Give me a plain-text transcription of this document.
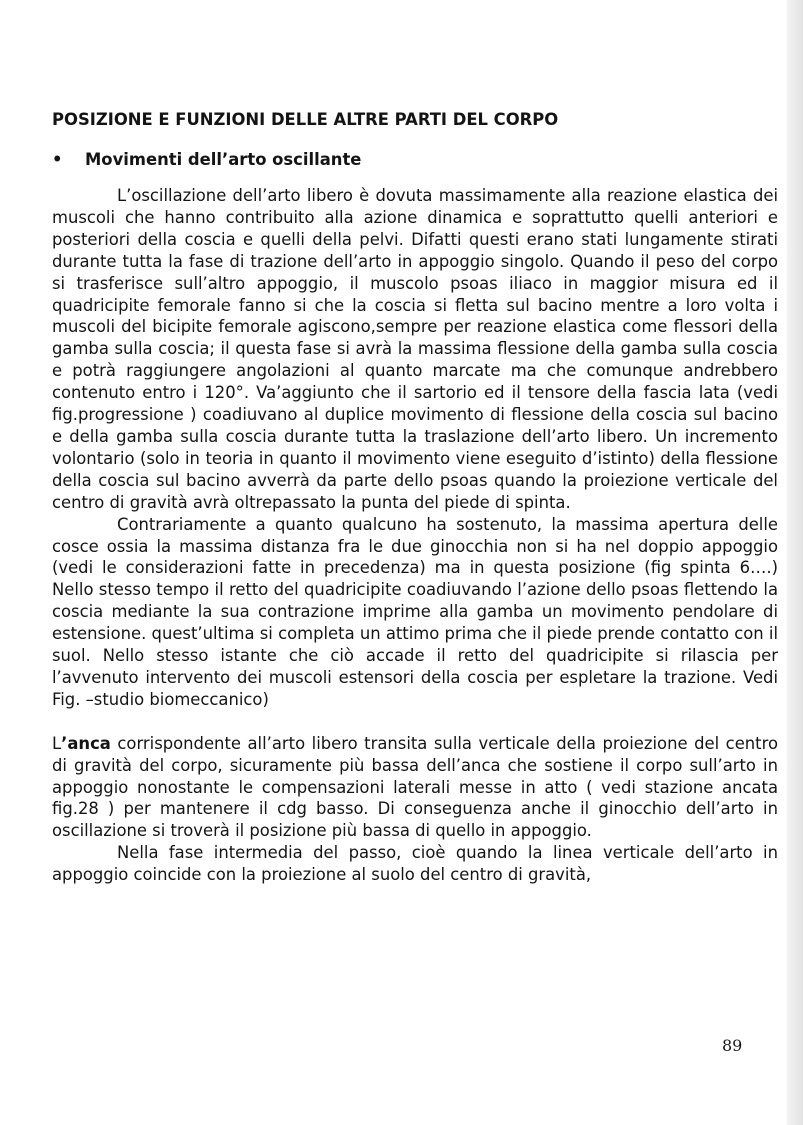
POSIZIONE E FUNZIONI DELLE ALTRE PARTI DEL CORPO
•	Movimenti dell’arto oscillante

L’oscillazione dell’arto libero è dovuta massimamente alla reazione elastica dei muscoli che hanno contribuito alla azione dinamica e soprattutto quelli anteriori e posteriori della coscia e quelli della pelvi. Difatti questi erano stati lungamente stirati durante tutta la fase di trazione dell’arto in appoggio singolo. Quando il peso del corpo si trasferisce sull’altro appoggio, il muscolo psoas iliaco in maggior misura ed il quadricipite femorale fanno si che la coscia si fletta sul bacino mentre a loro volta i muscoli del bicipite femorale agiscono,sempre per reazione elastica come flessori della gamba sulla coscia; il questa fase si avrà la massima flessione della gamba sulla coscia e potrà raggiungere angolazioni al quanto marcate ma che comunque andrebbero contenuto entro i 120°. Va’aggiunto che il sartorio ed il tensore della fascia lata (vedi fig.progressione ) coadiuvano al duplice movimento di flessione della coscia sul bacino e della gamba sulla coscia durante tutta la traslazione dell’arto libero. Un incremento volontario (solo in teoria in quanto il movimento viene eseguito d’istinto) della flessione della coscia sul bacino avverrà da parte dello psoas quando la proiezione verticale del centro di gravità avrà oltrepassato la punta del piede di spinta.

Contrariamente a quanto qualcuno ha sostenuto, la massima apertura delle cosce ossia la massima distanza fra le due ginocchia non si ha nel doppio appoggio (vedi le considerazioni fatte in precedenza) ma in questa posizione (fig spinta 6….) Nello stesso tempo il retto del quadricipite coadiuvando l’azione dello psoas flettendo la coscia mediante la sua contrazione imprime alla gamba un movimento pendolare di estensione. quest’ultima si completa un attimo prima che il piede prende contatto con il suol. Nello stesso istante che ciò accade il retto del quadricipite si rilascia per l’avvenuto intervento dei muscoli estensori della coscia per espletare la trazione. Vedi Fig. –studio biomeccanico)

L’anca corrispondente all’arto libero transita sulla verticale della proiezione del centro di gravità del corpo, sicuramente più bassa dell’anca che sostiene il corpo sull’arto in appoggio nonostante le compensazioni laterali messe in atto ( vedi stazione ancata fig.28 ) per mantenere il cdg basso. Di conseguenza anche il ginocchio dell’arto in oscillazione si troverà il posizione più bassa di quello in appoggio.

Nella fase intermedia del passo, cioè quando la linea verticale dell’arto in appoggio coincide con la proiezione al suolo del centro di gravità,

89
